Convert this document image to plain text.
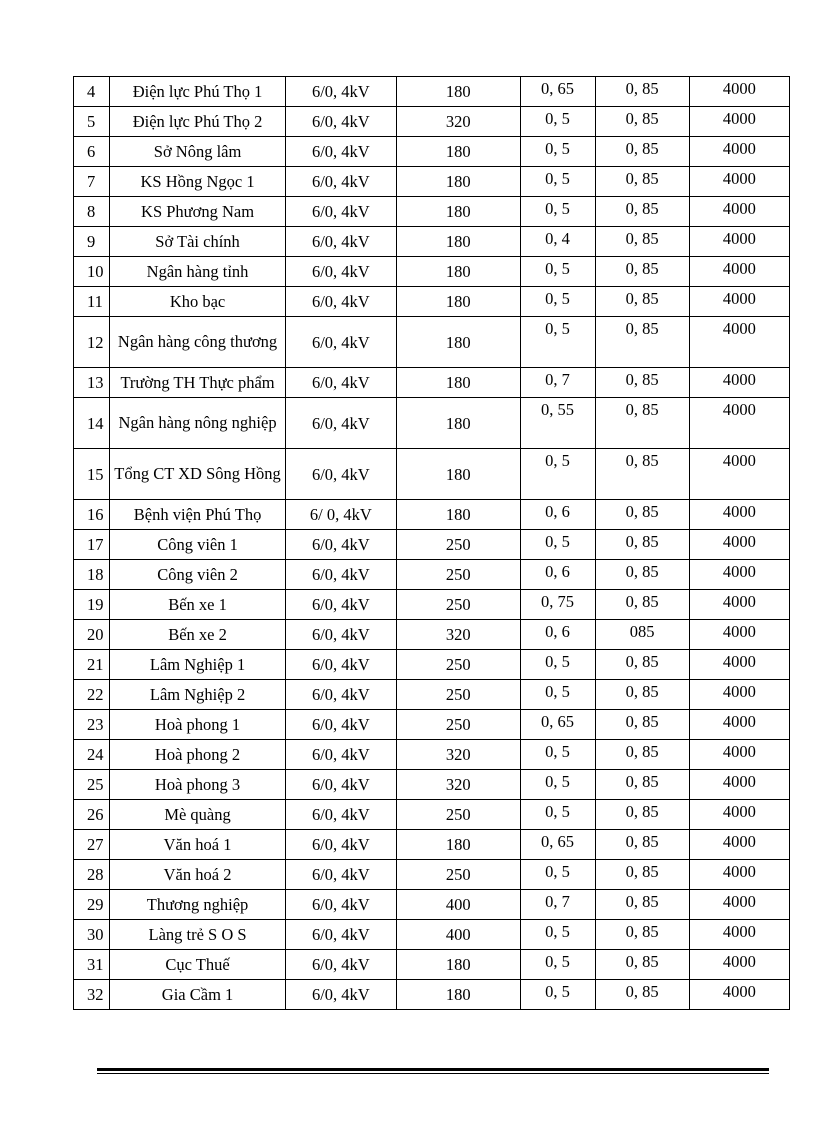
4	Điện lực Phú Thọ 1	6/0, 4kV	180	0, 65	0, 85	4000
5	Điện lực Phú Thọ 2	6/0, 4kV	320	0, 5	0, 85	4000
6	Sở Nông lâm	6/0, 4kV	180	0, 5	0, 85	4000
7	KS Hồng Ngọc 1	6/0, 4kV	180	0, 5	0, 85	4000
8	KS Phương Nam	6/0, 4kV	180	0, 5	0, 85	4000
9	Sở Tài chính	6/0, 4kV	180	0, 4	0, 85	4000
10	Ngân hàng tỉnh	6/0, 4kV	180	0, 5	0, 85	4000
11	Kho bạc	6/0, 4kV	180	0, 5	0, 85	4000
12	Ngân hàng công thương	6/0, 4kV	180	0, 5	0, 85	4000
13	Trường TH Thực phẩm	6/0, 4kV	180	0, 7	0, 85	4000
14	Ngân hàng nông nghiệp	6/0, 4kV	180	0, 55	0, 85	4000
15	Tổng CT XD Sông Hồng	6/0, 4kV	180	0, 5	0, 85	4000
16	Bệnh viện Phú Thọ	6/ 0, 4kV	180	0, 6	0, 85	4000
17	Công viên 1	6/0, 4kV	250	0, 5	0, 85	4000
18	Công viên 2	6/0, 4kV	250	0, 6	0, 85	4000
19	Bến xe 1	6/0, 4kV	250	0, 75	0, 85	4000
20	Bến xe 2	6/0, 4kV	320	0, 6	085	4000
21	Lâm Nghiệp 1	6/0, 4kV	250	0, 5	0, 85	4000
22	Lâm Nghiệp 2	6/0, 4kV	250	0, 5	0, 85	4000
23	Hoà phong 1	6/0, 4kV	250	0, 65	0, 85	4000
24	Hoà phong 2	6/0, 4kV	320	0, 5	0, 85	4000
25	Hoà phong 3	6/0, 4kV	320	0, 5	0, 85	4000
26	Mè quàng	6/0, 4kV	250	0, 5	0, 85	4000
27	Văn hoá 1	6/0, 4kV	180	0, 65	0, 85	4000
28	Văn hoá 2	6/0, 4kV	250	0, 5	0, 85	4000
29	Thương nghiệp	6/0, 4kV	400	0, 7	0, 85	4000
30	Làng trẻ S O S	6/0, 4kV	400	0, 5	0, 85	4000
31	Cục Thuế	6/0, 4kV	180	0, 5	0, 85	4000
32	Gia Cầm 1	6/0, 4kV	180	0, 5	0, 85	4000
